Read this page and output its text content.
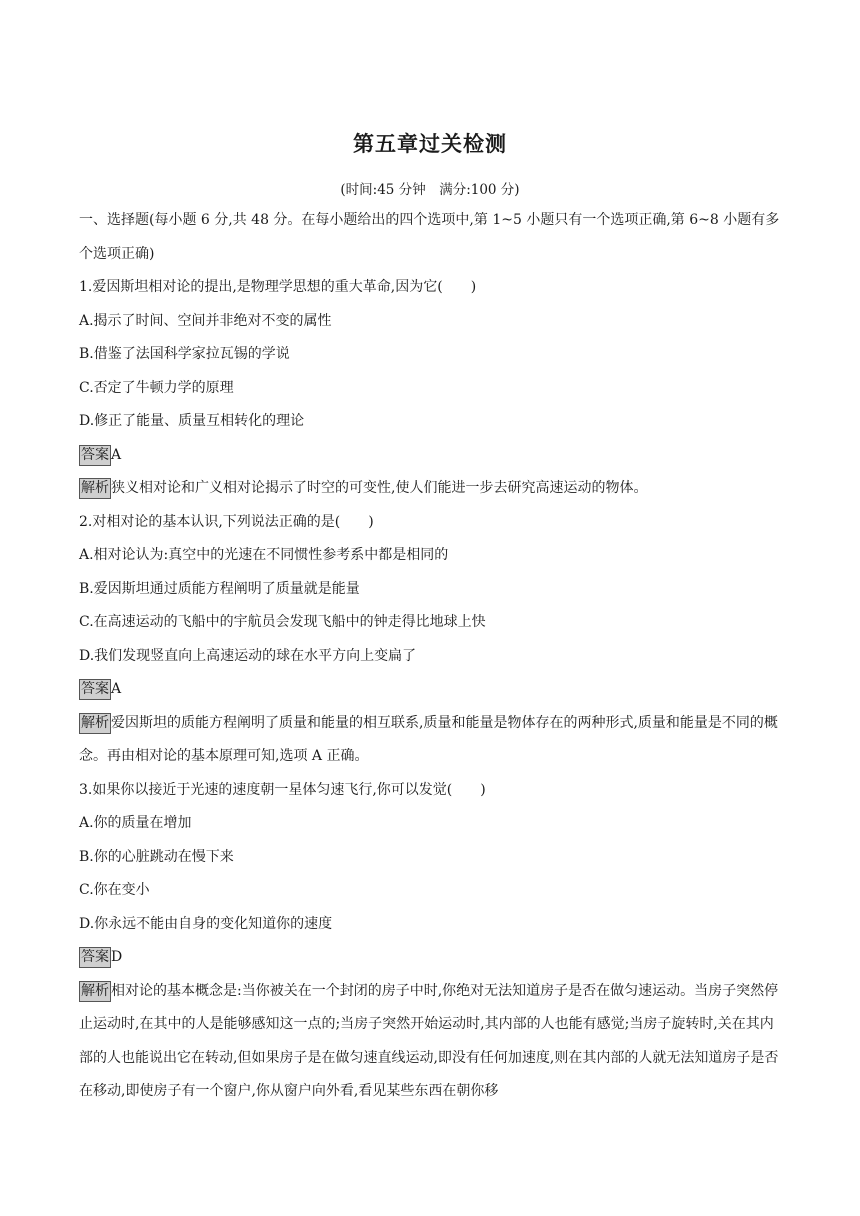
第五章过关检测
(时间:45 分钟　满分:100 分)

一、选择题(每小题 6 分,共 48 分。在每小题给出的四个选项中,第 1~5 小题只有一个选项正确,第 6~8 小题有多个选项正确)

1.爱因斯坦相对论的提出,是物理学思想的重大革命,因为它(　　)

A.揭示了时间、空间并非绝对不变的属性

B.借鉴了法国科学家拉瓦锡的学说

C.否定了牛顿力学的原理

D.修正了能量、质量互相转化的理论

答案 A

解析 狭义相对论和广义相对论揭示了时空的可变性,使人们能进一步去研究高速运动的物体。

2.对相对论的基本认识,下列说法正确的是(　　)

A.相对论认为:真空中的光速在不同惯性参考系中都是相同的

B.爱因斯坦通过质能方程阐明了质量就是能量

C.在高速运动的飞船中的宇航员会发现飞船中的钟走得比地球上快

D.我们发现竖直向上高速运动的球在水平方向上变扁了

答案 A

解析 爱因斯坦的质能方程阐明了质量和能量的相互联系,质量和能量是物体存在的两种形式,质量和能量是不同的概念。再由相对论的基本原理可知,选项 A 正确。

3.如果你以接近于光速的速度朝一星体匀速飞行,你可以发觉(　　)

A.你的质量在增加

B.你的心脏跳动在慢下来

C.你在变小

D.你永远不能由自身的变化知道你的速度

答案 D

解析 相对论的基本概念是:当你被关在一个封闭的房子中时,你绝对无法知道房子是否在做匀速运动。当房子突然停止运动时,在其中的人是能够感知这一点的;当房子突然开始运动时,其内部的人也能有感觉;当房子旋转时,关在其内部的人也能说出它在转动,但如果房子是在做匀速直线运动,即没有任何加速度,则在其内部的人就无法知道房子是否在移动,即使房子有一个窗户,你从窗户向外看,看见某些东西在朝你移
